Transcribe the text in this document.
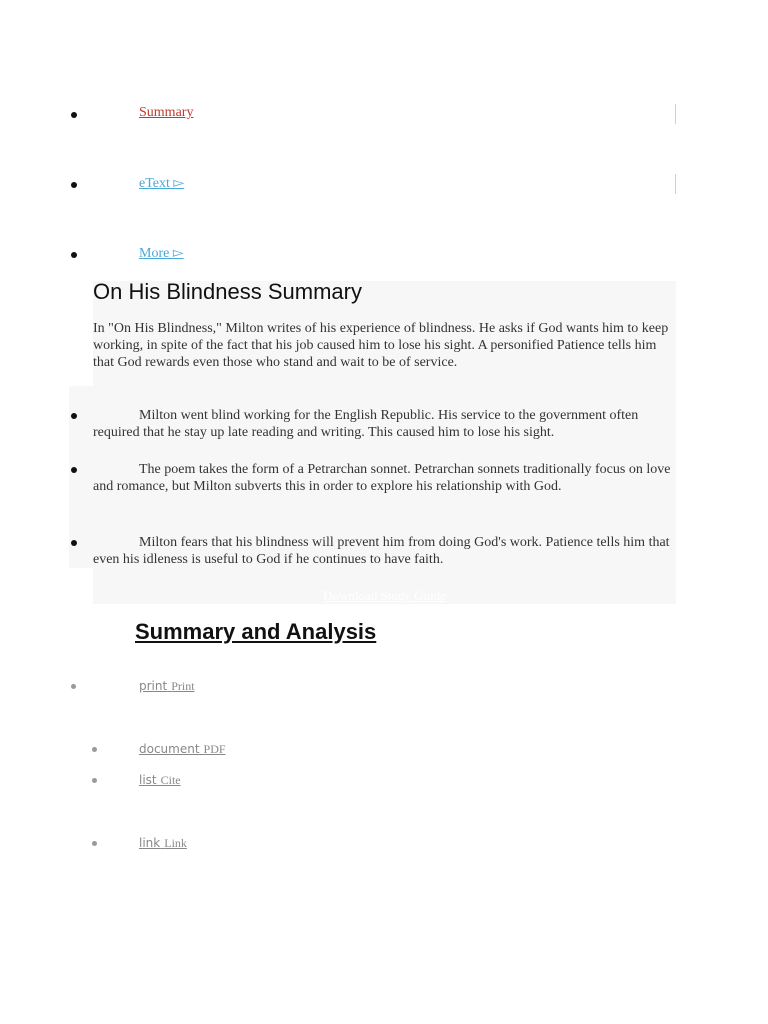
Summary
eText ▻
More ▻
On His Blindness Summary
In "On His Blindness," Milton writes of his experience of blindness. He asks if God wants him to keep working, in spite of the fact that his job caused him to lose his sight. A personified Patience tells him that God rewards even those who stand and wait to be of service.
Milton went blind working for the English Republic. His service to the government often required that he stay up late reading and writing. This caused him to lose his sight.
The poem takes the form of a Petrarchan sonnet. Petrarchan sonnets traditionally focus on love and romance, but Milton subverts this in order to explore his relationship with God.
Milton fears that his blindness will prevent him from doing God's work. Patience tells him that even his idleness is useful to God if he continues to have faith.
Download Study Guide
Summary and Analysis
print Print
document PDF
list Cite
link Link
